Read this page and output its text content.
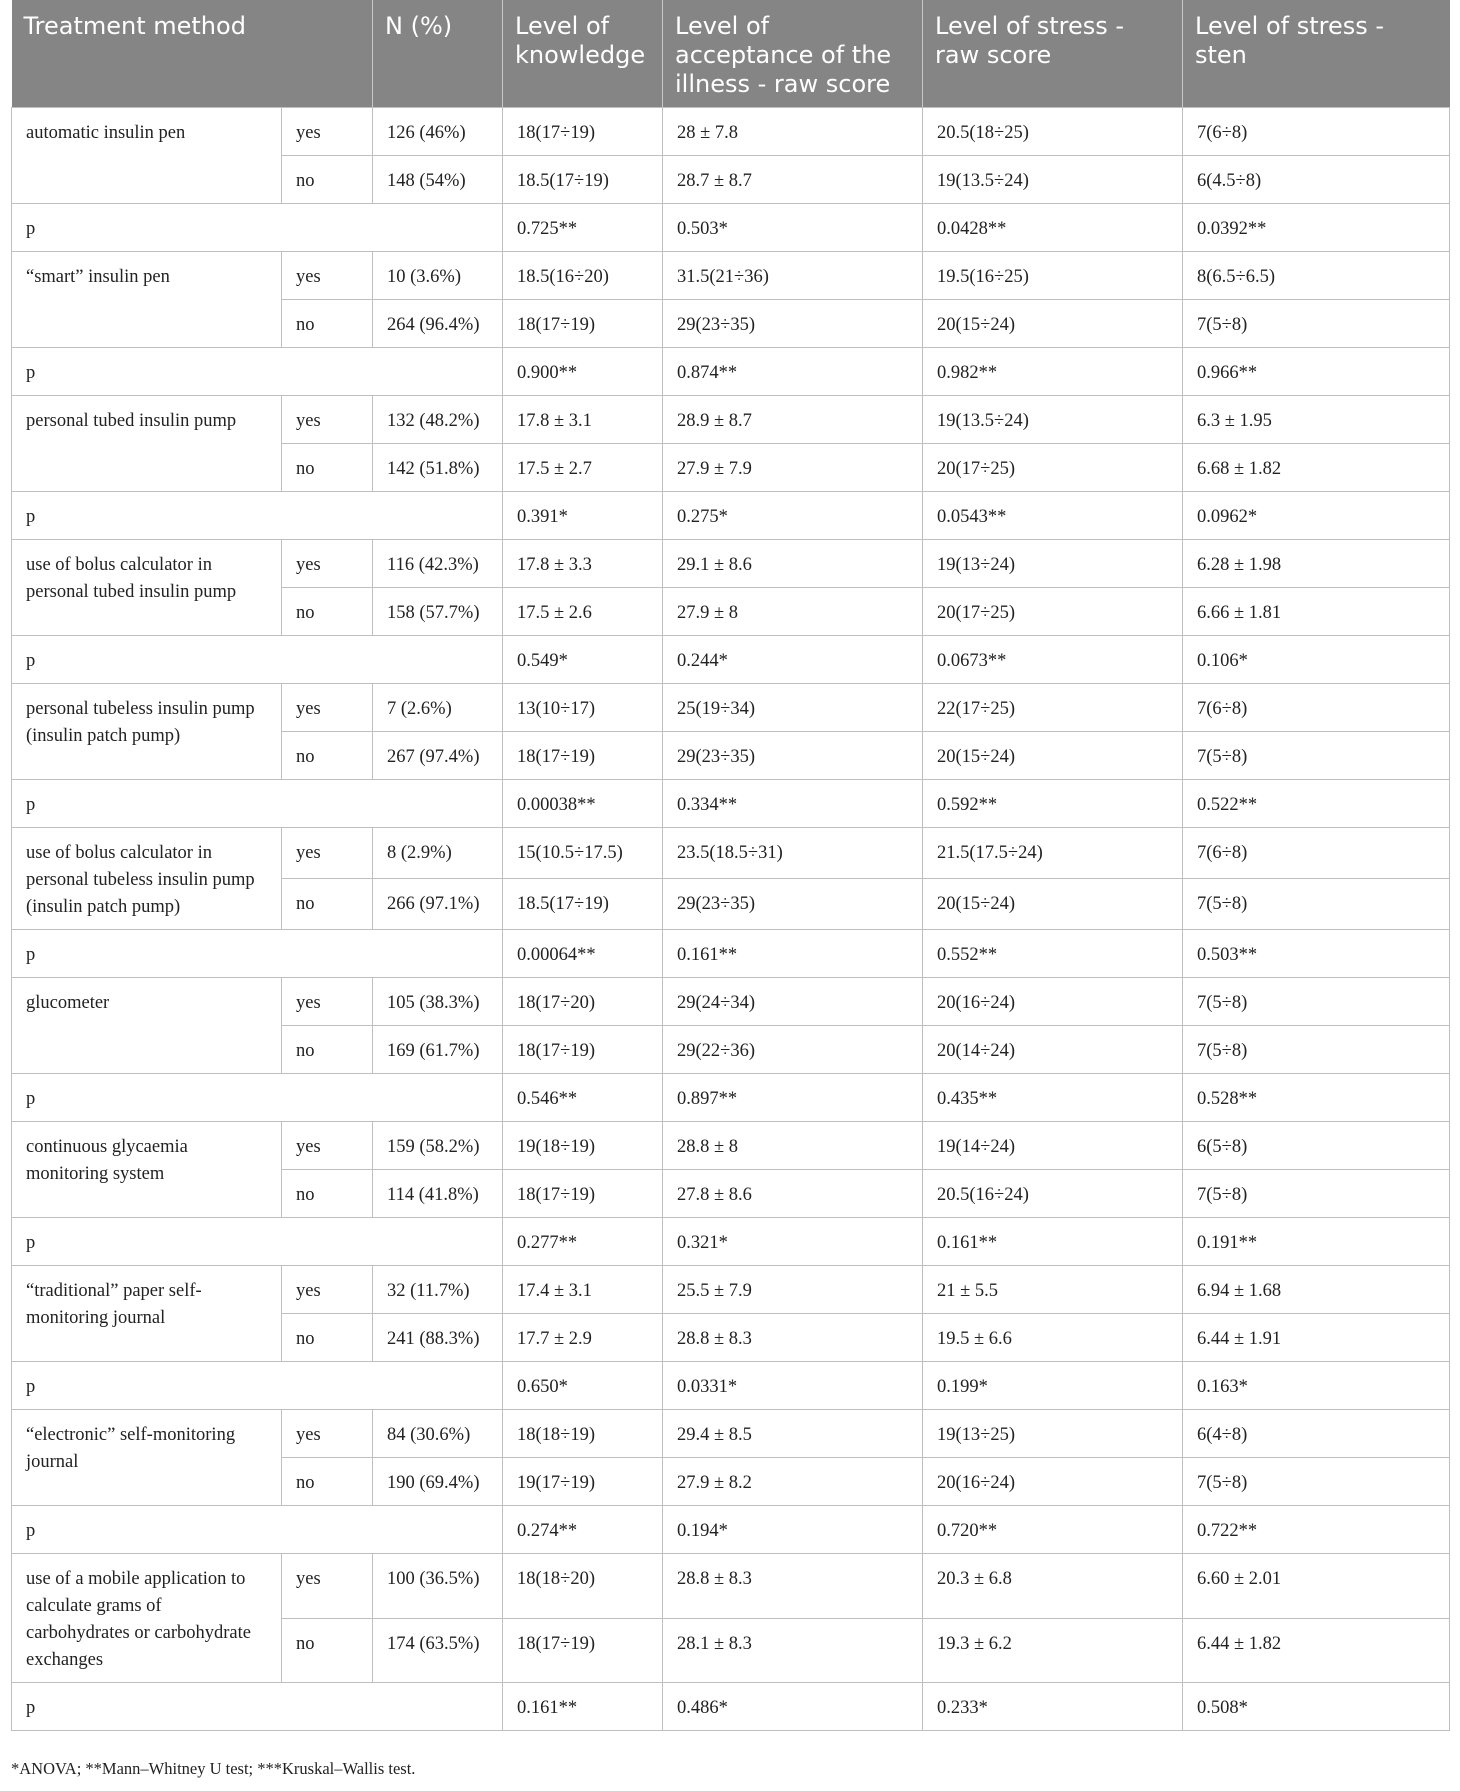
Treatment method		N (%)	Level of knowledge	Level of acceptance of the illness - raw score	Level of stress - raw score	Level of stress - sten
automatic insulin pen	yes	126 (46%)	18(17÷19)	28 ± 7.8	20.5(18÷25)	7(6÷8)
	no	148 (54%)	18.5(17÷19)	28.7 ± 8.7	19(13.5÷24)	6(4.5÷8)
p			0.725**	0.503*	0.0428**	0.0392**
“smart” insulin pen	yes	10 (3.6%)	18.5(16÷20)	31.5(21÷36)	19.5(16÷25)	8(6.5÷6.5)
	no	264 (96.4%)	18(17÷19)	29(23÷35)	20(15÷24)	7(5÷8)
p			0.900**	0.874**	0.982**	0.966**
personal tubed insulin pump	yes	132 (48.2%)	17.8 ± 3.1	28.9 ± 8.7	19(13.5÷24)	6.3 ± 1.95
	no	142 (51.8%)	17.5 ± 2.7	27.9 ± 7.9	20(17÷25)	6.68 ± 1.82
p			0.391*	0.275*	0.0543**	0.0962*
use of bolus calculator in personal tubed insulin pump	yes	116 (42.3%)	17.8 ± 3.3	29.1 ± 8.6	19(13÷24)	6.28 ± 1.98
	no	158 (57.7%)	17.5 ± 2.6	27.9 ± 8	20(17÷25)	6.66 ± 1.81
p			0.549*	0.244*	0.0673**	0.106*
personal tubeless insulin pump (insulin patch pump)	yes	7 (2.6%)	13(10÷17)	25(19÷34)	22(17÷25)	7(6÷8)
	no	267 (97.4%)	18(17÷19)	29(23÷35)	20(15÷24)	7(5÷8)
p			0.00038**	0.334**	0.592**	0.522**
use of bolus calculator in personal tubeless insulin pump (insulin patch pump)	yes	8 (2.9%)	15(10.5÷17.5)	23.5(18.5÷31)	21.5(17.5÷24)	7(6÷8)
	no	266 (97.1%)	18.5(17÷19)	29(23÷35)	20(15÷24)	7(5÷8)
p			0.00064**	0.161**	0.552**	0.503**
glucometer	yes	105 (38.3%)	18(17÷20)	29(24÷34)	20(16÷24)	7(5÷8)
	no	169 (61.7%)	18(17÷19)	29(22÷36)	20(14÷24)	7(5÷8)
p			0.546**	0.897**	0.435**	0.528**
continuous glycaemia monitoring system	yes	159 (58.2%)	19(18÷19)	28.8 ± 8	19(14÷24)	6(5÷8)
	no	114 (41.8%)	18(17÷19)	27.8 ± 8.6	20.5(16÷24)	7(5÷8)
p			0.277**	0.321*	0.161**	0.191**
“traditional” paper self-monitoring journal	yes	32 (11.7%)	17.4 ± 3.1	25.5 ± 7.9	21 ± 5.5	6.94 ± 1.68
	no	241 (88.3%)	17.7 ± 2.9	28.8 ± 8.3	19.5 ± 6.6	6.44 ± 1.91
p			0.650*	0.0331*	0.199*	0.163*
“electronic” self-monitoring journal	yes	84 (30.6%)	18(18÷19)	29.4 ± 8.5	19(13÷25)	6(4÷8)
	no	190 (69.4%)	19(17÷19)	27.9 ± 8.2	20(16÷24)	7(5÷8)
p			0.274**	0.194*	0.720**	0.722**
use of a mobile application to calculate grams of carbohydrates or carbohydrate exchanges	yes	100 (36.5%)	18(18÷20)	28.8 ± 8.3	20.3 ± 6.8	6.60 ± 2.01
	no	174 (63.5%)	18(17÷19)	28.1 ± 8.3	19.3 ± 6.2	6.44 ± 1.82
p			0.161**	0.486*	0.233*	0.508*
*ANOVA; **Mann–Whitney U test; ***Kruskal–Wallis test.
